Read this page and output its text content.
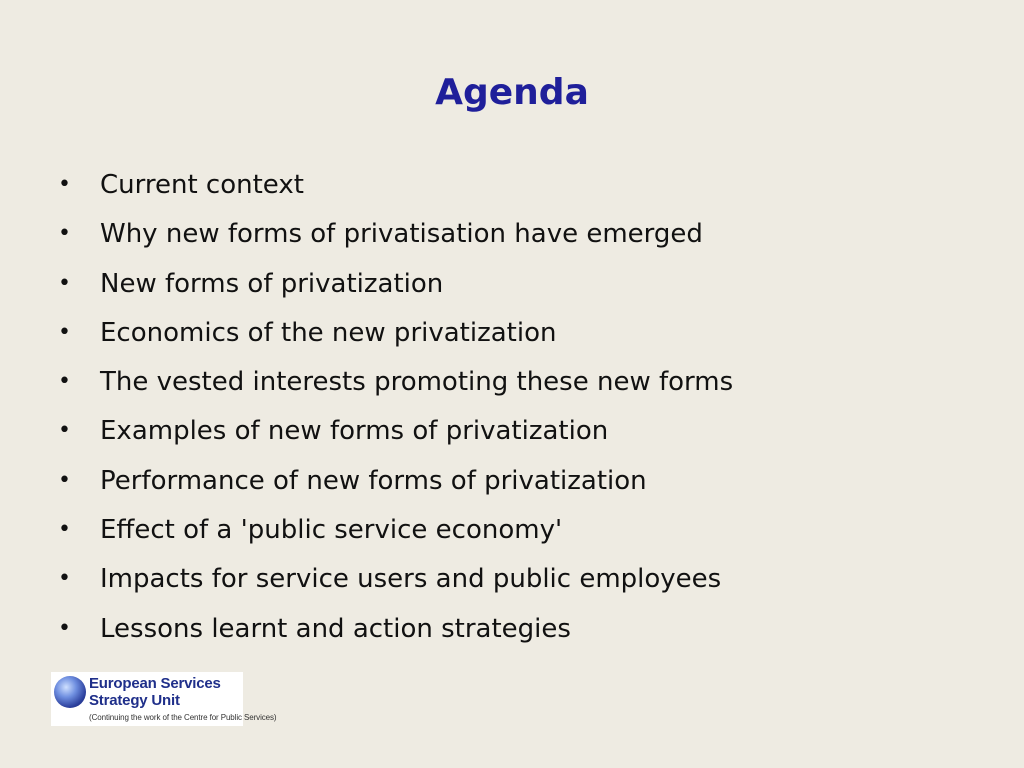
Agenda
•	Current context
•	Why new forms of privatisation have emerged
•	New forms of privatization
•	Economics of the new privatization
•	The vested interests promoting these new forms
•	Examples of new forms of privatization
•	Performance of new forms of privatization
•	Effect of a 'public service economy'
•	Impacts for service users and public employees
•	Lessons learnt and action strategies
European Services
Strategy Unit
(Continuing the work of the Centre for Public Services)
